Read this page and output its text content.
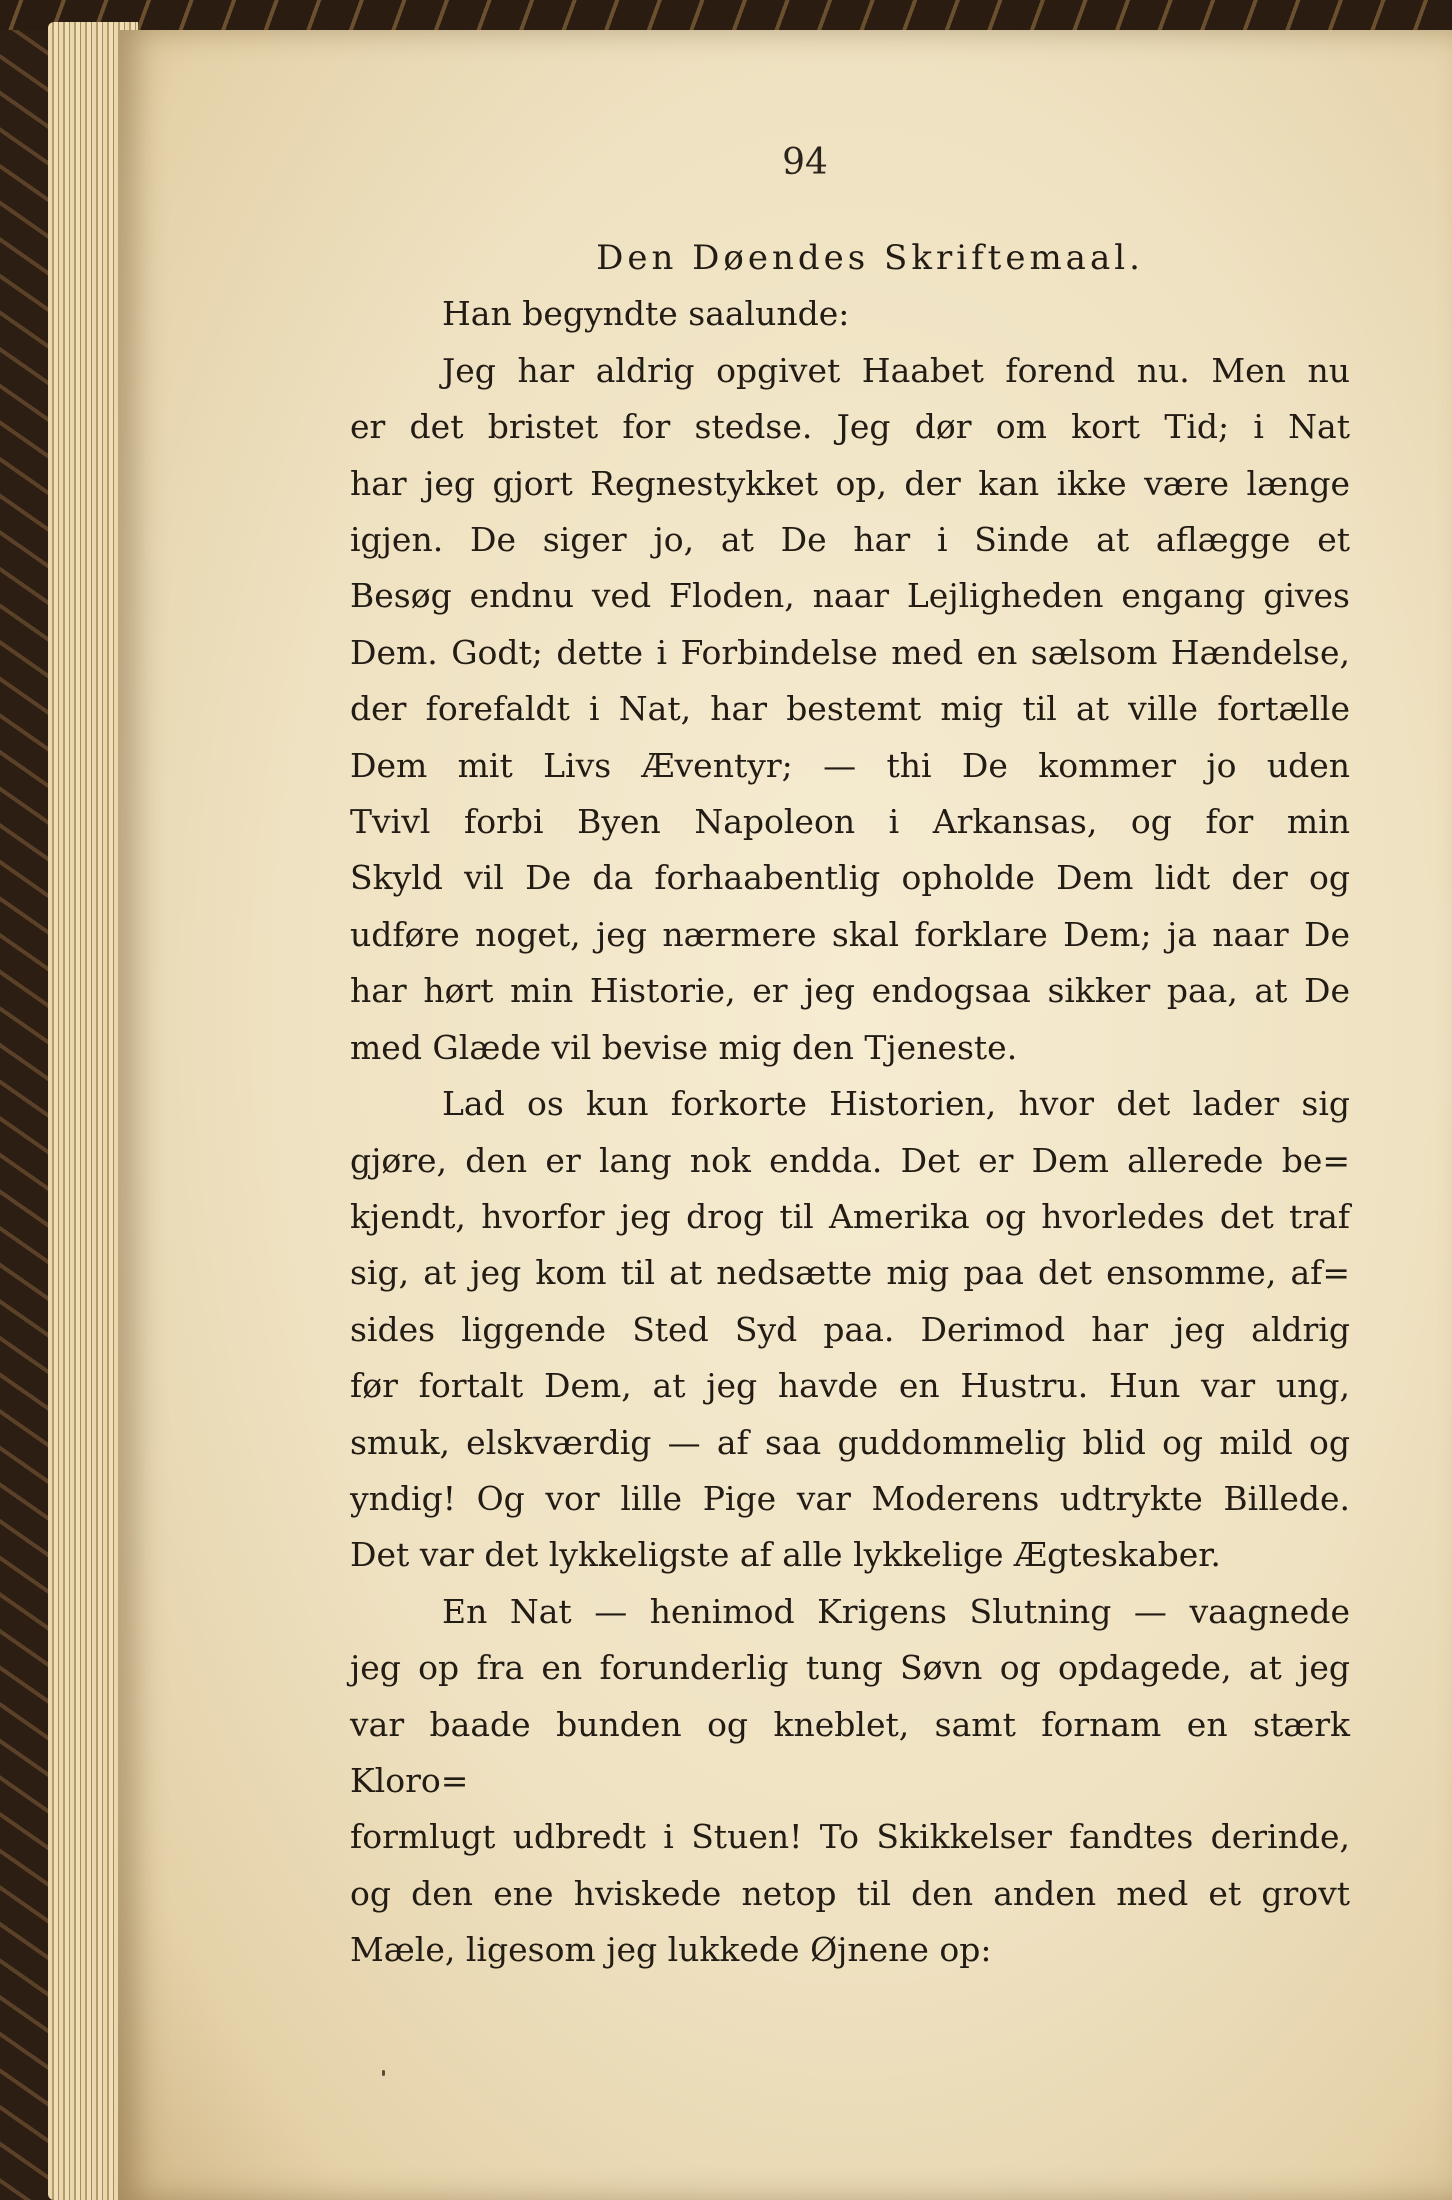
94
Den Døendes Skriftemaal.
Han begyndte saalunde:
Jeg har aldrig opgivet Haabet forend nu. Men nu
er det bristet for stedse. Jeg dør om kort Tid; i Nat
har jeg gjort Regnestykket op, der kan ikke være længe
igjen. De siger jo, at De har i Sinde at aflægge et
Besøg endnu ved Floden, naar Lejligheden engang gives
Dem. Godt; dette i Forbindelse med en sælsom Hændelse,
der forefaldt i Nat, har bestemt mig til at ville fortælle
Dem mit Livs Æventyr; — thi De kommer jo uden
Tvivl forbi Byen Napoleon i Arkansas, og for min
Skyld vil De da forhaabentlig opholde Dem lidt der og
udføre noget, jeg nærmere skal forklare Dem; ja naar De
har hørt min Historie, er jeg endogsaa sikker paa, at De
med Glæde vil bevise mig den Tjeneste.
Lad os kun forkorte Historien, hvor det lader sig
gjøre, den er lang nok endda. Det er Dem allerede be=
kjendt, hvorfor jeg drog til Amerika og hvorledes det traf
sig, at jeg kom til at nedsætte mig paa det ensomme, af=
sides liggende Sted Syd paa. Derimod har jeg aldrig
før fortalt Dem, at jeg havde en Hustru. Hun var ung,
smuk, elskværdig — af saa guddommelig blid og mild og
yndig! Og vor lille Pige var Moderens udtrykte Billede.
Det var det lykkeligste af alle lykkelige Ægteskaber.
En Nat — henimod Krigens Slutning — vaagnede
jeg op fra en forunderlig tung Søvn og opdagede, at jeg
var baade bunden og kneblet, samt fornam en stærk Kloro=
formlugt udbredt i Stuen! To Skikkelser fandtes derinde,
og den ene hviskede netop til den anden med et grovt
Mæle, ligesom jeg lukkede Øjnene op:
